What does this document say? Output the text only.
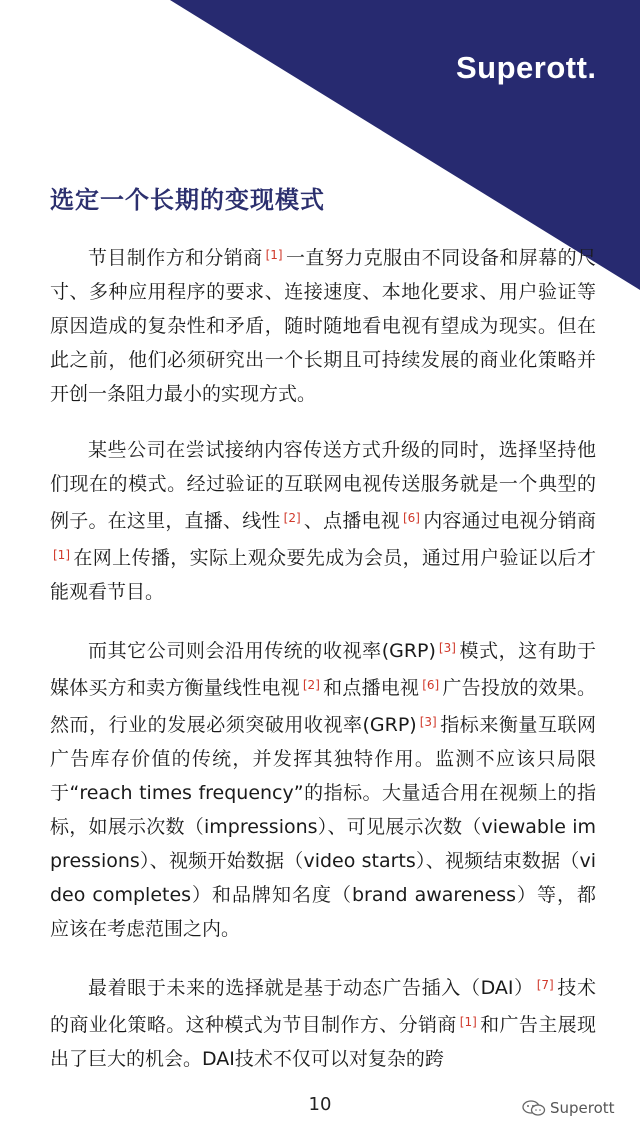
Superott.
选定一个长期的变现模式

节目制作方和分销商 [1] 一直努力克服由不同设备和屏幕的尺寸、多种应用程序的要求、连接速度、本地化要求、用户验证等原因造成的复杂性和矛盾，随时随地看电视有望成为现实。但在此之前，他们必须研究出一个长期且可持续发展的商业化策略并开创一条阻力最小的实现方式。

某些公司在尝试接纳内容传送方式升级的同时，选择坚持他们现在的模式。经过验证的互联网电视传送服务就是一个典型的例子。在这里，直播、线性 [2] 、点播电视 [6] 内容通过电视分销商[1] 在网上传播，实际上观众要先成为会员，通过用户验证以后才能观看节目。

而其它公司则会沿用传统的收视率(GRP) [3] 模式，这有助于媒体买方和卖方衡量线性电视 [2] 和点播电视 [6] 广告投放的效果。然而，行业的发展必须突破用收视率(GRP) [3] 指标来衡量互联网广告库存价值的传统，并发挥其独特作用。监测不应该只局限于“reach times frequency”的指标。大量适合用在视频上的指标，如展示次数（impressions）、可见展示次数（viewable impressions）、视频开始数据（video starts）、视频结束数据（video completes）和品牌知名度（brand awareness）等，都应该在考虑范围之内。

最着眼于未来的选择就是基于动态广告插入（DAI） [7] 技术的商业化策略。这种模式为节目制作方、分销商 [1] 和广告主展现出了巨大的机会。DAI技术不仅可以对复杂的跨

10	Superott
